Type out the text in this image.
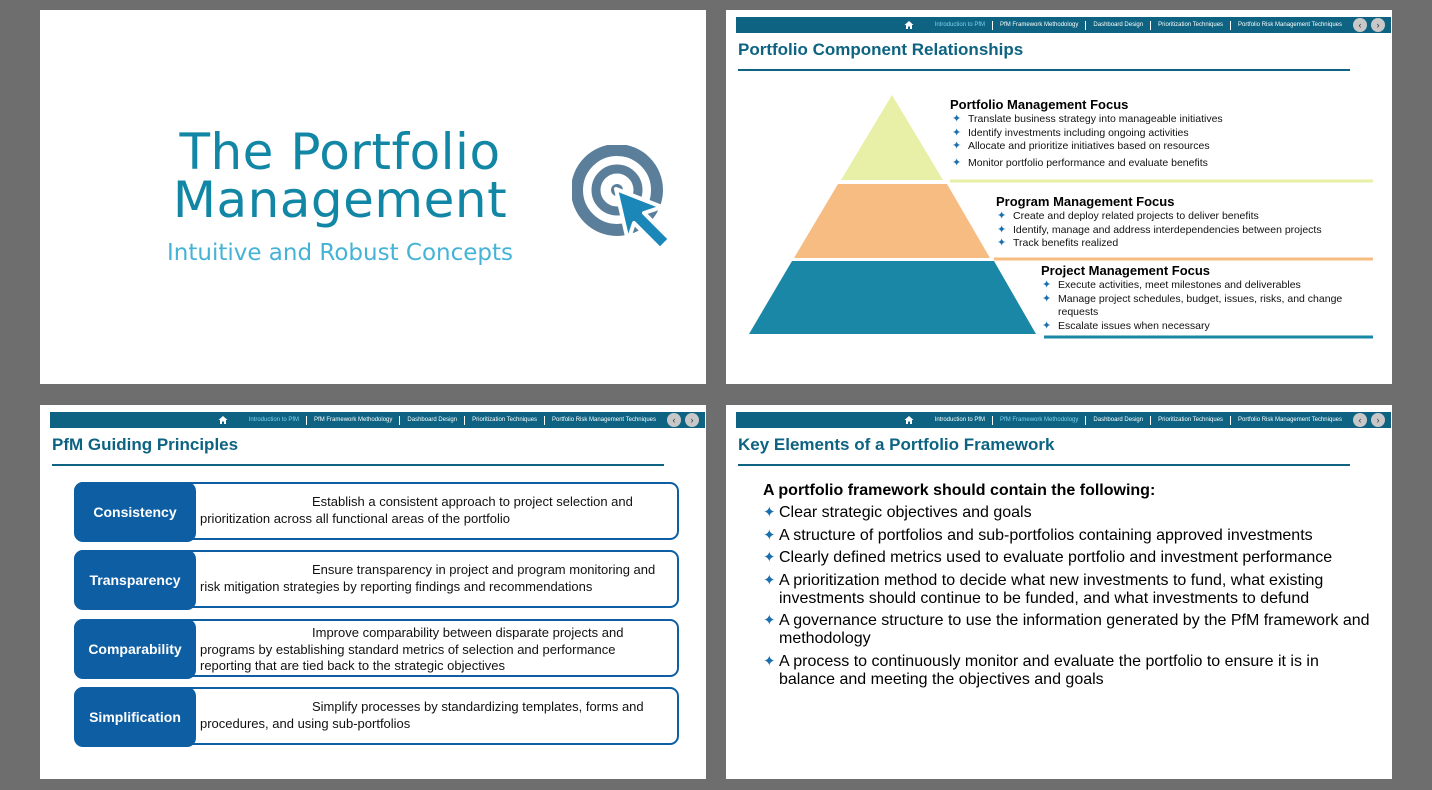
The Portfolio
Management
Intuitive and Robust Concepts
Introduction to PfM	PfM Framework Methodology	Dashboard Design	Prioritization Techniques	Portfolio Risk Management Techniques	‹	›
Portfolio Component Relationships
Portfolio Management Focus
✦ Translate business strategy into manageable initiatives
✦ Identify investments including ongoing activities
✦ Allocate and prioritize initiatives based on resources
✦ Monitor portfolio performance and evaluate benefits
Program Management Focus
✦ Create and deploy related projects to deliver benefits
✦ Identify, manage and address interdependencies between projects
✦ Track benefits realized
Project Management Focus
✦ Execute activities, meet milestones and deliverables
✦ Manage project schedules, budget, issues, risks, and change requests
✦ Escalate issues when necessary
Introduction to PfM	PfM Framework Methodology	Dashboard Design	Prioritization Techniques	Portfolio Risk Management Techniques	‹	›
PfM Guiding Principles
Consistency
Establish a consistent approach to project selection and prioritization across all functional areas of the portfolio
Transparency
Ensure transparency in project and program monitoring and risk mitigation strategies by reporting findings and recommendations
Comparability
Improve comparability between disparate projects and programs by establishing standard metrics of selection and performance reporting that are tied back to the strategic objectives
Simplification
Simplify processes by standardizing templates, forms and procedures, and using sub-portfolios
Introduction to PfM	PfM Framework Methodology	Dashboard Design	Prioritization Techniques	Portfolio Risk Management Techniques	‹	›
Key Elements of a Portfolio Framework
A portfolio framework should contain the following:
✦ Clear strategic objectives and goals
✦ A structure of portfolios and sub-portfolios containing approved investments
✦ Clearly defined metrics used to evaluate portfolio and investment performance
✦ A prioritization method to decide what new investments to fund, what existing investments should continue to be funded, and what investments to defund
✦ A governance structure to use the information generated by the PfM framework and methodology
✦ A process to continuously monitor and evaluate the portfolio to ensure it is in balance and meeting the objectives and goals
